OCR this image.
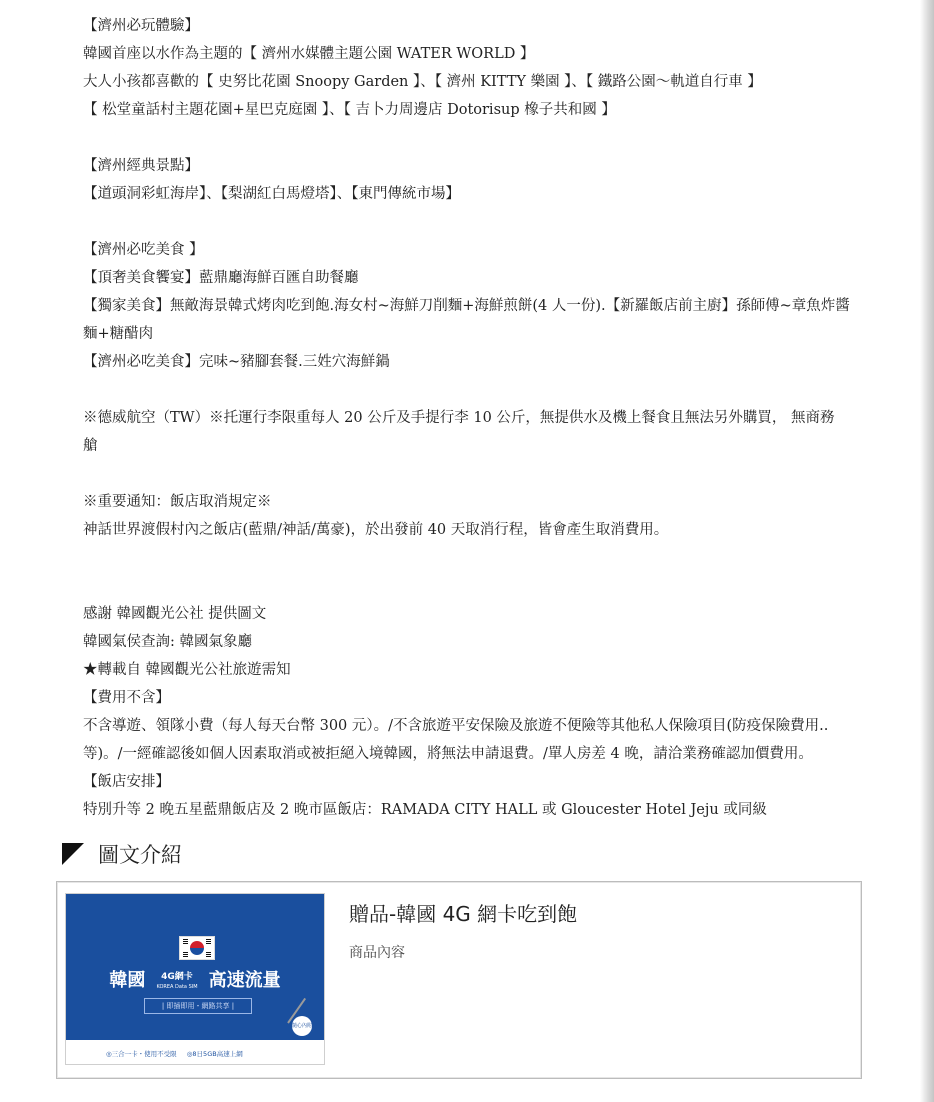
【濟州必玩體驗】
韓國首座以水作為主題的【 濟州水媒體主題公園 WATER WORLD 】
大人小孩都喜歡的【 史努比花園 Snoopy Garden 】、【 濟州 KITTY 樂園 】、【 鐵路公園～軌道自行車 】
【 松堂童話村主題花園+星巴克庭園 】、【 吉卜力周邊店 Dotorisup 橡子共和國 】
【濟州經典景點】
【道頭洞彩虹海岸】、【梨湖紅白馬燈塔】、【東門傳統市場】
【濟州必吃美食 】
【頂奢美食饗宴】藍鼎廳海鮮百匯自助餐廳
【獨家美食】無敵海景韓式烤肉吃到飽.海女村~海鮮刀削麵+海鮮煎餅(4 人一份).【新羅飯店前主廚】孫師傅~章魚炸醬
麵+糖醋肉
【濟州必吃美食】完味~豬腳套餐.三姓穴海鮮鍋
※德威航空（TW）※托運行李限重每人 20 公斤及手提行李 10 公斤，無提供水及機上餐食且無法另外購買， 無商務
艙
※重要通知：飯店取消規定※
神話世界渡假村內之飯店(藍鼎/神話/萬豪)，於出發前 40 天取消行程，皆會產生取消費用。
感謝 韓國觀光公社 提供圖文
韓國氣侯查詢: 韓國氣象廳
★轉載自 韓國觀光公社旅遊需知
【費用不含】
不含導遊、領隊小費（每人每天台幣 300 元）。/不含旅遊平安保險及旅遊不便險等其他私人保險項目(防疫保險費用..
等)。/一經確認後如個人因素取消或被拒絕入境韓國，將無法申請退費。/單人房差 4 晚，請洽業務確認加價費用。
【飯店安排】
特別升等 2 晚五星藍鼎飯店及 2 晚市區飯店：RAMADA CITY HALL 或 Gloucester Hotel Jeju 或同級
圖文介紹
韓國 4G網卡
KOREA Data SIM 高速流量
| 即插即用・網路共享 |
隨心內附
◎三合一卡・使用不受限 ◎8日5GB高速上網
贈品-韓國 4G 網卡吃到飽
商品內容
